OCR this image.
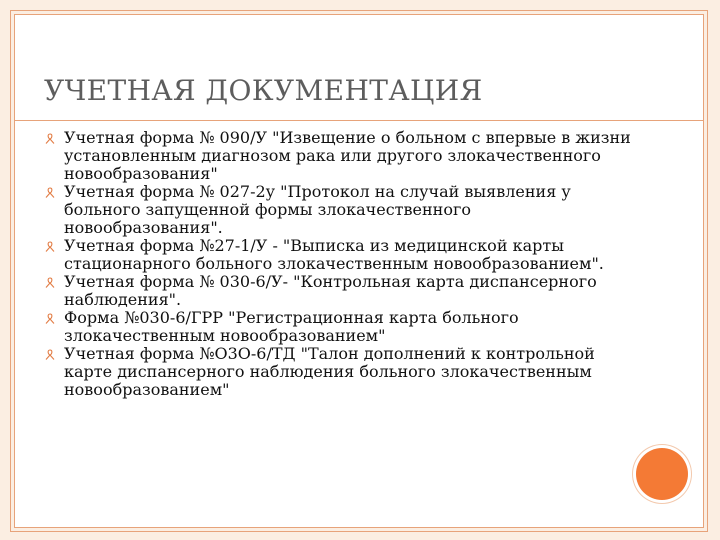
УЧЕТНАЯ ДОКУМЕНТАЦИЯ
Учетная форма № 090/У "Извещение о больном с впервые в жизни установленным диагнозом рака или другого злокачественного новообразования"
Учетная форма № 027-2у "Протокол на случай выявления у больного запущенной формы злокачественного новообразования".
Учетная форма №27-1/У - "Выписка из медицинской карты стационарного больного злокачественным новообразованием".
Учетная форма № 030-6/У- "Контрольная карта диспансерного наблюдения".
Форма №030-6/ГРР "Регистрационная карта больного злокачественным новообразованием"
Учетная форма №О3О-6/ТД "Талон дополнений к контрольной карте диспансерного наблюдения больного злокачественным новообразованием"
